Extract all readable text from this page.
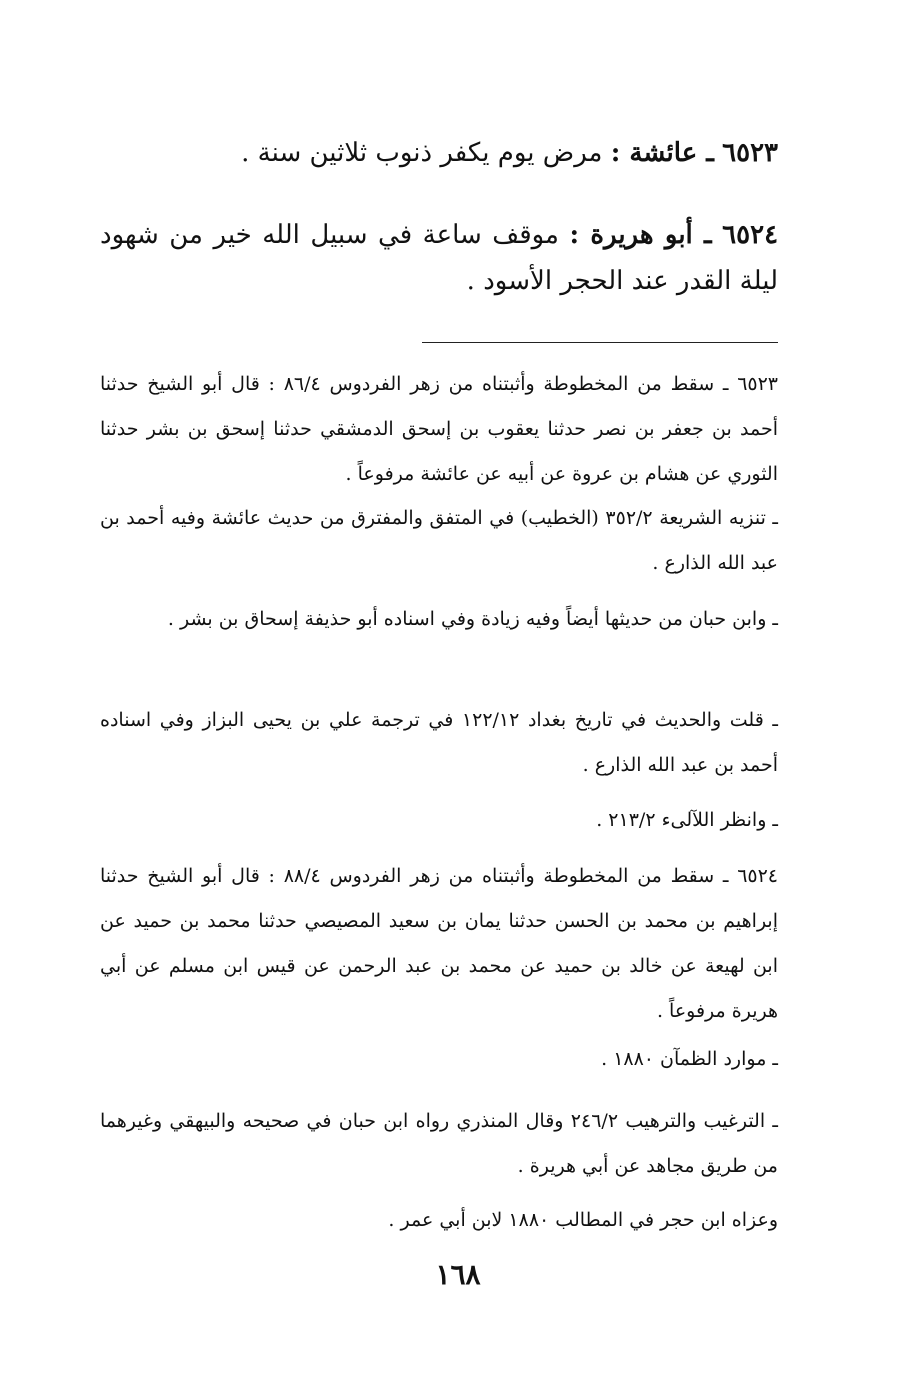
٦٥٢٣ ـ عائشة : مرض يوم يكفر ذنوب ثلاثين سنة .

٦٥٢٤ ـ أبو هريرة : موقف ساعة في سبيل الله خير من شهود ليلة القدر عند الحجر الأسود .

٦٥٢٣ ـ سقط من المخطوطة وأثبتناه من زهر الفردوس ٨٦/٤ : قال أبو الشيخ حدثنا أحمد بن جعفر بن نصر حدثنا يعقوب بن إسحق الدمشقي حدثنا إسحق بن بشر حدثنا الثوري عن هشام بن عروة عن أبيه عن عائشة مرفوعاً .

ـ تنزيه الشريعة ٣٥٢/٢ (الخطيب) في المتفق والمفترق من حديث عائشة وفيه أحمد بن عبد الله الذارع .

ـ وابن حبان من حديثها أيضاً وفيه زيادة وفي اسناده أبو حذيفة إسحاق بن بشر .

ـ قلت والحديث في تاريخ بغداد ١٢٢/١٢ في ترجمة علي بن يحيى البزاز وفي اسناده أحمد بن عبد الله الذارع .

ـ وانظر اللآلىء ٢١٣/٢ .

٦٥٢٤ ـ سقط من المخطوطة وأثبتناه من زهر الفردوس ٨٨/٤ : قال أبو الشيخ حدثنا إبراهيم بن محمد بن الحسن حدثنا يمان بن سعيد المصيصي حدثنا محمد بن حميد عن ابن لهيعة عن خالد بن حميد عن محمد بن عبد الرحمن عن قيس ابن مسلم عن أبي هريرة مرفوعاً .

ـ موارد الظمآن ١٨٨٠ .

ـ الترغيب والترهيب ٢٤٦/٢ وقال المنذري رواه ابن حبان في صحيحه والبيهقي وغيرهما من طريق مجاهد عن أبي هريرة .

وعزاه ابن حجر في المطالب ١٨٨٠ لابن أبي عمر .

١٦٨
